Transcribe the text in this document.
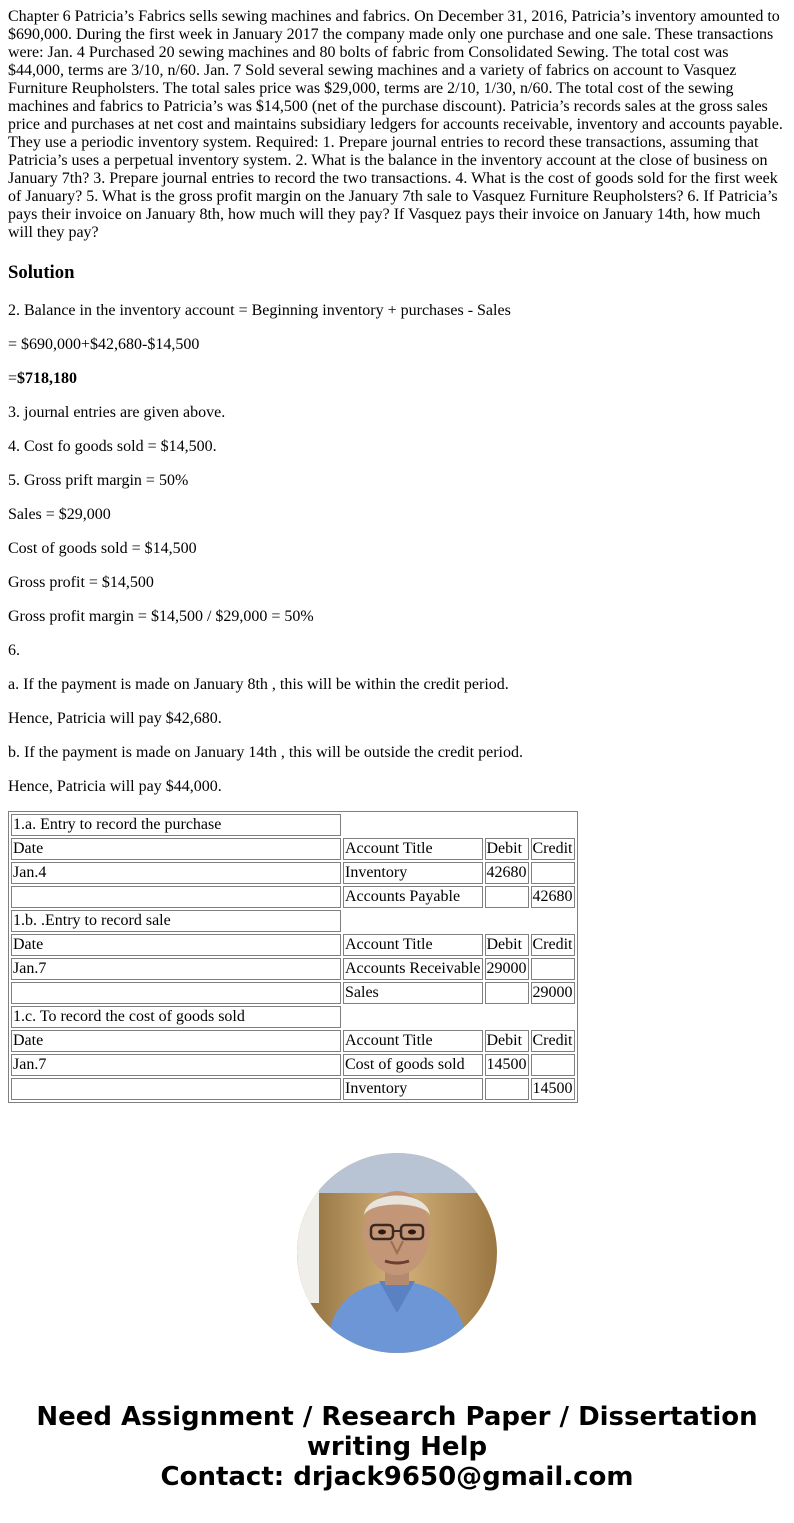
Chapter 6 Patricia’s Fabrics sells sewing machines and fabrics. On December 31, 2016, Patricia’s inventory amounted to $690,000. During the first week in January 2017 the company made only one purchase and one sale. These transactions were: Jan. 4 Purchased 20 sewing machines and 80 bolts of fabric from Consolidated Sewing. The total cost was $44,000, terms are 3/10, n/60. Jan. 7 Sold several sewing machines and a variety of fabrics on account to Vasquez Furniture Reupholsters. The total sales price was $29,000, terms are 2/10, 1/30, n/60. The total cost of the sewing machines and fabrics to Patricia’s was $14,500 (net of the purchase discount). Patricia’s records sales at the gross sales price and purchases at net cost and maintains subsidiary ledgers for accounts receivable, inventory and accounts payable. They use a periodic inventory system. Required: 1. Prepare journal entries to record these transactions, assuming that Patricia’s uses a perpetual inventory system. 2. What is the balance in the inventory account at the close of business on January 7th? 3. Prepare journal entries to record the two transactions. 4. What is the cost of goods sold for the first week of January? 5. What is the gross profit margin on the January 7th sale to Vasquez Furniture Reupholsters? 6. If Patricia’s pays their invoice on January 8th, how much will they pay? If Vasquez pays their invoice on January 14th, how much will they pay?

Solution

2. Balance in the inventory account = Beginning inventory + purchases - Sales

= $690,000+$42,680-$14,500

=$718,180

3. journal entries are given above.

4. Cost fo goods sold = $14,500.

5. Gross prift margin = 50%

Sales = $29,000

Cost of goods sold = $14,500

Gross profit = $14,500

Gross profit margin = $14,500 / $29,000 = 50%

6.

a. If the payment is made on January 8th , this will be within the credit period.

Hence, Patricia will pay $42,680.

b. If the payment is made on January 14th , this will be outside the credit period.

Hence, Patricia will pay $44,000.

1.a. Entry to record the purchase			
Date	Account Title	Debit	Credit
Jan.4	Inventory	42680	
	Accounts Payable		42680
1.b. .Entry to record sale			
Date	Account Title	Debit	Credit
Jan.7	Accounts Receivable	29000	
	Sales		29000
1.c. To record the cost of goods sold			
Date	Account Title	Debit	Credit
Jan.7	Cost of goods sold	14500	
	Inventory		14500
Need Assignment / Research Paper / Dissertation
writing Help
Contact: drjack9650@gmail.com
